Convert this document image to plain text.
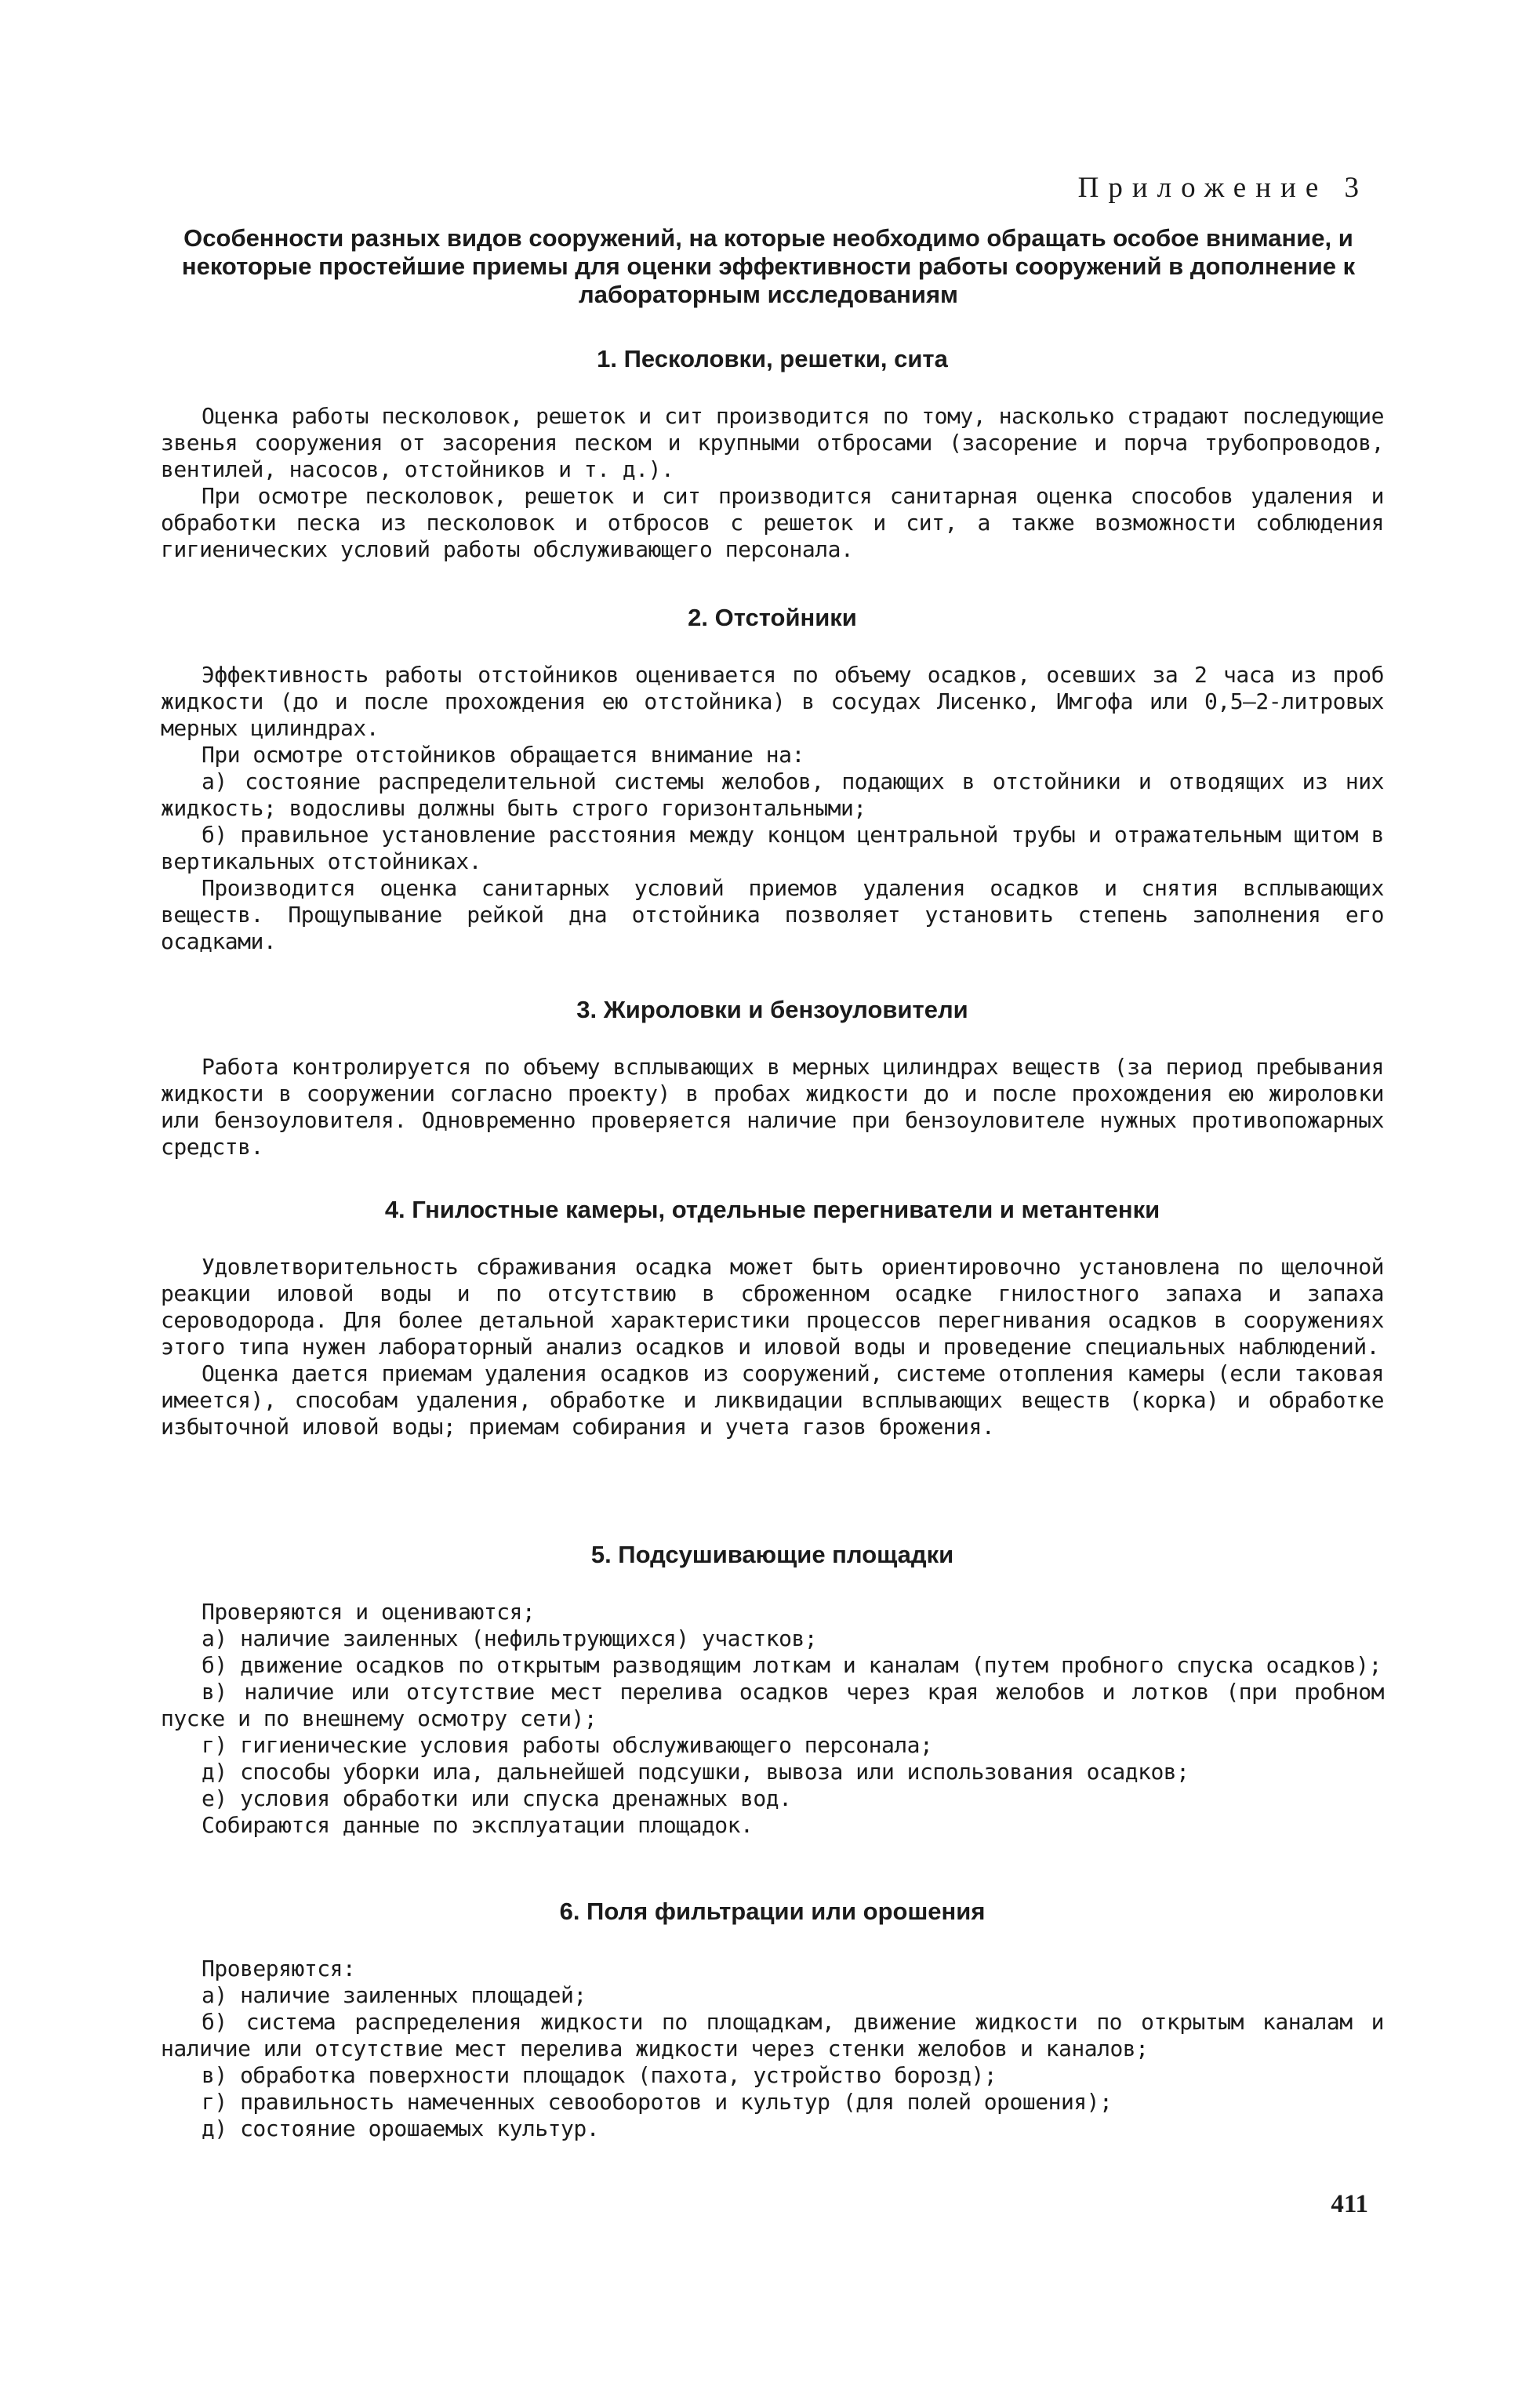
Приложение 3
Особенности разных видов сооружений, на которые необходимо обращать особое внимание, и некоторые простейшие приемы для оценки эффективности работы сооружений в дополнение к лабораторным исследованиям
1. Песколовки, решетки, сита

Оценка работы песколовок, решеток и сит производится по тому, насколько страдают последующие звенья сооружения от засорения песком и крупными отбросами (засорение и порча трубопроводов, вентилей, насосов, отстойников и т. д.).

При осмотре песколовок, решеток и сит производится санитарная оценка способов удаления и обработки песка из песколовок и отбросов с решеток и сит, а также возможности соблюдения гигиенических условий работы обслуживающего персонала.

2. Отстойники

Эффективность работы отстойников оценивается по объему осадков, осевших за 2 часа из проб жидкости (до и после прохождения ею отстойника) в сосудах Лисенко, Имгофа или 0,5—2-литровых мерных цилиндрах.

При осмотре отстойников обращается внимание на:

а) состояние распределительной системы желобов, подающих в отстойники и отводящих из них жидкость; водосливы должны быть строго горизонтальными;

б) правильное установление расстояния между концом центральной трубы и отражательным щитом в вертикальных отстойниках.

Производится оценка санитарных условий приемов удаления осадков и снятия всплывающих веществ. Прощупывание рейкой дна отстойника позволяет установить степень заполнения его осадками.

3. Жироловки и бензоуловители

Работа контролируется по объему всплывающих в мерных цилиндрах веществ (за период пребывания жидкости в сооружении согласно проекту) в пробах жидкости до и после прохождения ею жироловки или бензоуловителя. Одновременно проверяется наличие при бензоуловителе нужных противопожарных средств.

4. Гнилостные камеры, отдельные перегниватели и метантенки

Удовлетворительность сбраживания осадка может быть ориентировочно установлена по щелочной реакции иловой воды и по отсутствию в сброженном осадке гнилостного запаха и запаха сероводорода. Для более детальной характеристики процессов перегнивания осадков в сооружениях этого типа нужен лабораторный анализ осадков и иловой воды и проведение специальных наблюдений.

Оценка дается приемам удаления осадков из сооружений, системе отопления камеры (если таковая имеется), способам удаления, обработке и ликвидации всплывающих веществ (корка) и обработке избыточной иловой воды; приемам собирания и учета газов брожения.

5. Подсушивающие площадки

Проверяются и оцениваются;

а) наличие заиленных (нефильтрующихся) участков;

б) движение осадков по открытым разводящим лоткам и каналам (путем пробного спуска осадков);

в) наличие или отсутствие мест перелива осадков через края желобов и лотков (при пробном пуске и по внешнему осмотру сети);

г) гигиенические условия работы обслуживающего персонала;

д) способы уборки ила, дальнейшей подсушки, вывоза или использования осадков;

е) условия обработки или спуска дренажных вод.

Собираются данные по эксплуатации площадок.

6. Поля фильтрации или орошения

Проверяются:

а) наличие заиленных площадей;

б) система распределения жидкости по площадкам, движение жидкости по открытым каналам и наличие или отсутствие мест перелива жидкости через стенки желобов и каналов;

в) обработка поверхности площадок (пахота, устройство борозд);

г) правильность намеченных севооборотов и культур (для полей орошения);

д) состояние орошаемых культур.

411
